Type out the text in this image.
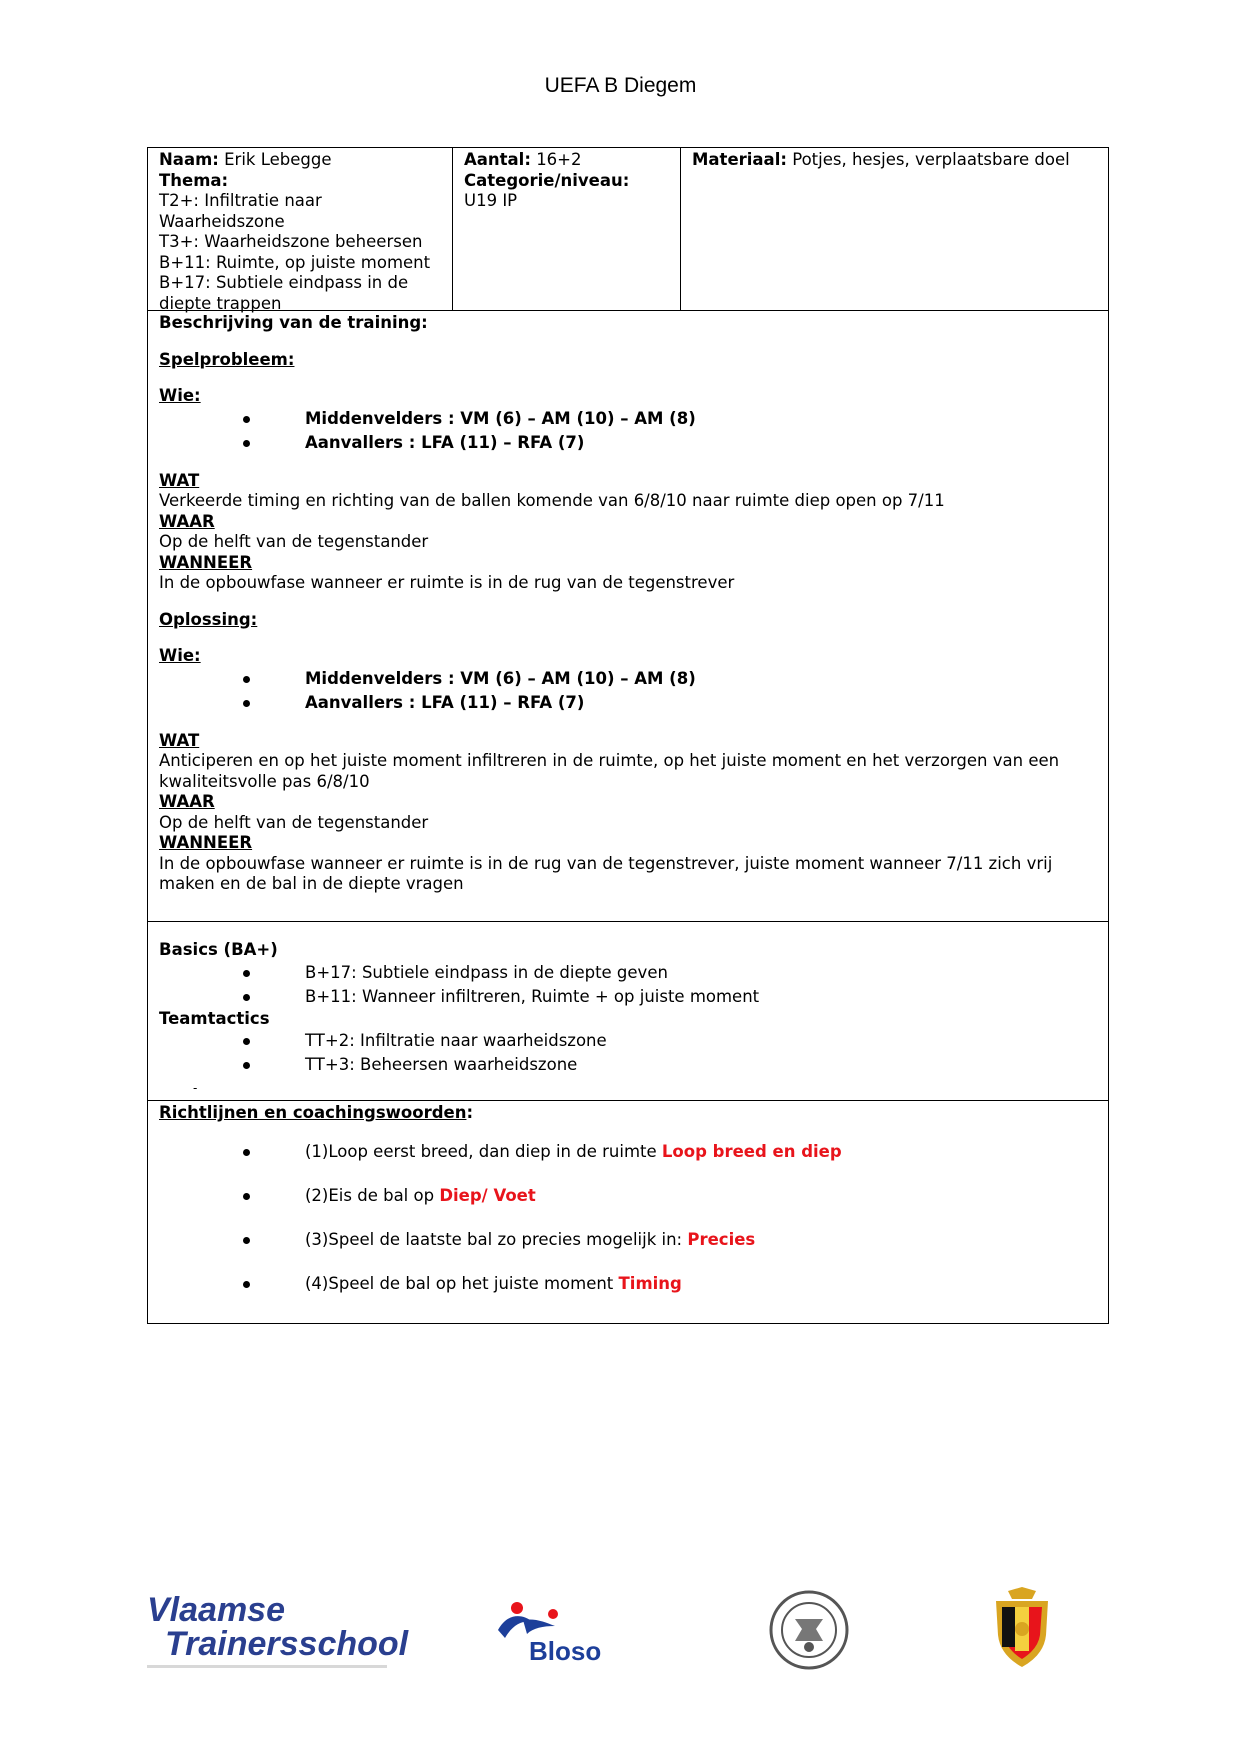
UEFA B Diegem
Naam: Erik Lebegge
Thema:
T2+: Infiltratie naar Waarheidszone
T3+: Waarheidszone beheersen
B+11: Ruimte, op juiste moment
B+17: Subtiele eindpass in de diepte trappen
Aantal: 16+2
Categorie/niveau:
U19 IP
Materiaal: Potjes, hesjes, verplaatsbare doel
Beschrijving van de training:
Spelprobleem:
Wie:
Middenvelders : VM (6) – AM (10) – AM (8)
Aanvallers : LFA (11) – RFA (7)
WAT
Verkeerde timing en richting van de ballen komende van 6/8/10 naar ruimte diep open op 7/11
WAAR
Op de helft van de tegenstander
WANNEER
In de opbouwfase wanneer er ruimte is in de rug van de tegenstrever
Oplossing:
Wie:
Middenvelders : VM (6) – AM (10) – AM (8)
Aanvallers : LFA (11) – RFA (7)
WAT
Anticiperen en op het juiste moment infiltreren in de ruimte, op het juiste moment en het verzorgen van een kwaliteitsvolle pas 6/8/10
WAAR
Op de helft van de tegenstander
WANNEER
In de opbouwfase wanneer er ruimte is in de rug van de tegenstrever, juiste moment wanneer 7/11 zich vrij maken en de bal in de diepte vragen
Basics (BA+)
B+17: Subtiele eindpass in de diepte geven
B+11: Wanneer infiltreren, Ruimte + op juiste moment
Teamtactics
TT+2: Infiltratie naar waarheidszone
TT+3: Beheersen waarheidszone
-
Richtlijnen en coachingswoorden:
(1)Loop eerst breed, dan diep in de ruimte Loop breed en diep
(2)Eis de bal op Diep/ Voet
(3)Speel de laatste bal zo precies mogelijk in: Precies
(4)Speel de bal op het juiste moment Timing
Vlaamse
Trainersschool	Bloso
